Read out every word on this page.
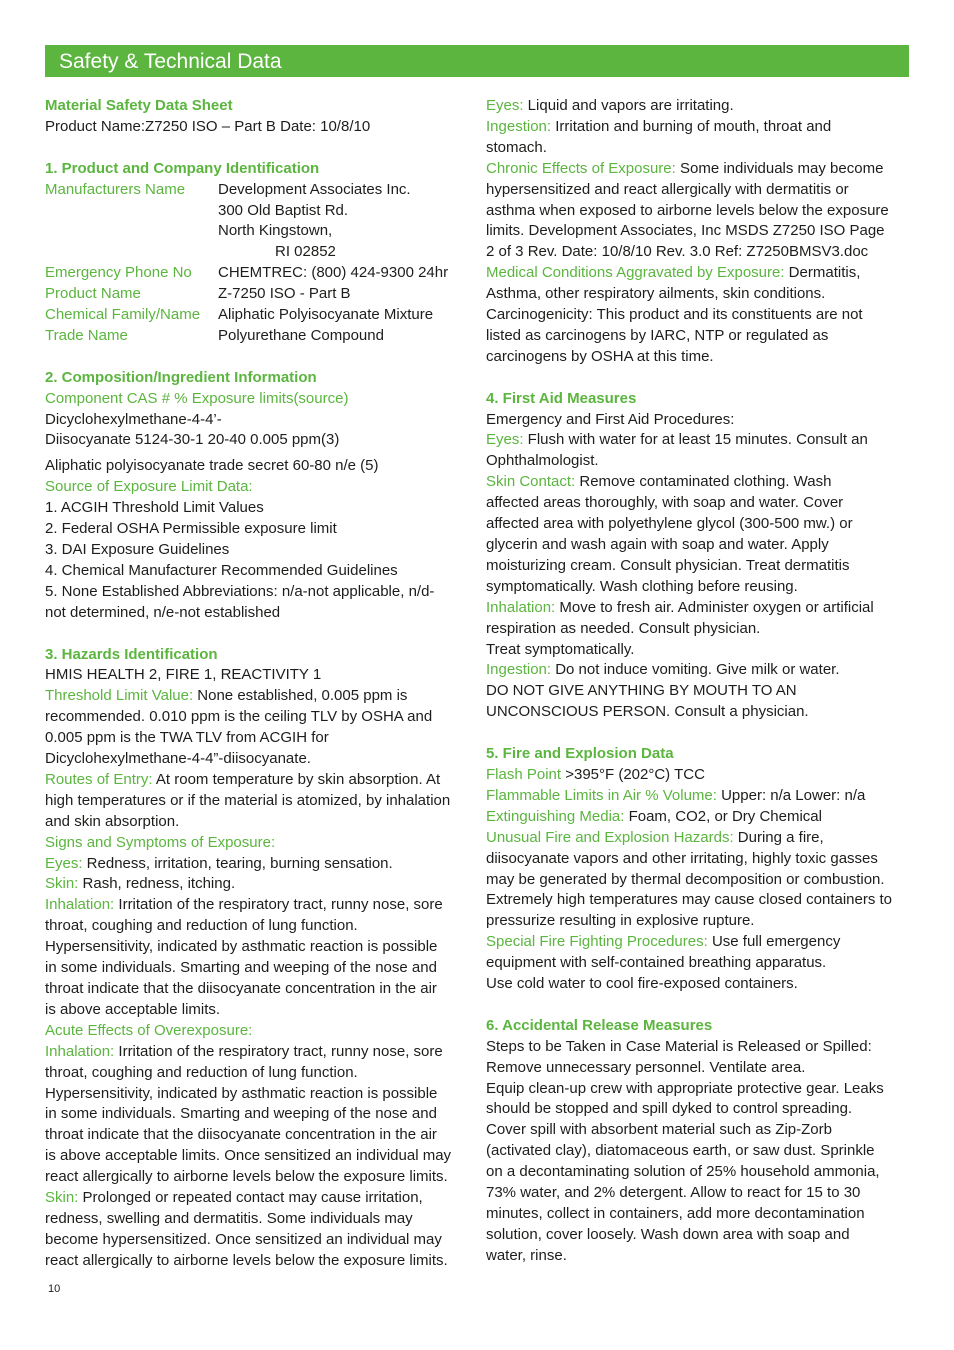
Safety & Technical Data

Material Safety Data Sheet

Product Name:Z7250 ISO – Part B Date: 10/8/10

1. Product and Company Identification

Manufacturers Name	Development Associates Inc.

300 Old Baptist Rd.

North Kingstown,

RI 02852

Emergency Phone No	CHEMTREC: (800) 424-9300 24hr
Product Name	Z-7250 ISO - Part B
Chemical Family/Name	Aliphatic Polyisocyanate Mixture
Trade Name	Polyurethane Compound

2. Composition/Ingredient Information

Component CAS # % Exposure limits(source)

Dicyclohexylmethane-4-4’-

Diisocyanate 5124-30-1 20-40 0.005 ppm(3)

Aliphatic polyisocyanate trade secret 60-80 n/e (5)

Source of Exposure Limit Data:

1. ACGIH Threshold Limit Values

2. Federal OSHA Permissible exposure limit

3. DAI Exposure Guidelines

4. Chemical Manufacturer Recommended Guidelines

5. None Established Abbreviations: n/a-not applicable, n/d-

not determined, n/e-not established

3. Hazards Identification

HMIS HEALTH 2, FIRE 1, REACTIVITY 1

Threshold Limit Value: None established, 0.005 ppm is

recommended. 0.010 ppm is the ceiling TLV by OSHA and

0.005 ppm is the TWA TLV from ACGIH for

Dicyclohexylmethane-4-4”-diisocyanate.

Routes of Entry: At room temperature by skin absorption. At

high temperatures or if the material is atomized, by inhalation

and skin absorption.

Signs and Symptoms of Exposure:

Eyes: Redness, irritation, tearing, burning sensation.

Skin: Rash, redness, itching.

Inhalation: Irritation of the respiratory tract, runny nose, sore

throat, coughing and reduction of lung function.

Hypersensitivity, indicated by asthmatic reaction is possible

in some individuals. Smarting and weeping of the nose and

throat indicate that the diisocyanate concentration in the air

is above acceptable limits.

Acute Effects of Overexposure:

Inhalation: Irritation of the respiratory tract, runny nose, sore

throat, coughing and reduction of lung function.

Hypersensitivity, indicated by asthmatic reaction is possible

in some individuals. Smarting and weeping of the nose and

throat indicate that the diisocyanate concentration in the air

is above acceptable limits. Once sensitized an individual may

react allergically to airborne levels below the exposure limits.

Skin: Prolonged or repeated contact may cause irritation,

redness, swelling and dermatitis. Some individuals may

become hypersensitized. Once sensitized an individual may

react allergically to airborne levels below the exposure limits.

Eyes: Liquid and vapors are irritating.

Ingestion: Irritation and burning of mouth, throat and

stomach.

Chronic Effects of Exposure: Some individuals may become

hypersensitized and react allergically with dermatitis or

asthma when exposed to airborne levels below the exposure

limits. Development Associates, Inc MSDS Z7250 ISO Page

2 of 3 Rev. Date: 10/8/10 Rev. 3.0 Ref: Z7250BMSV3.doc

Medical Conditions Aggravated by Exposure: Dermatitis,

Asthma, other respiratory ailments, skin conditions.

Carcinogenicity: This product and its constituents are not

listed as carcinogens by IARC, NTP or regulated as

carcinogens by OSHA at this time.

4. First Aid Measures

Emergency and First Aid Procedures:

Eyes: Flush with water for at least 15 minutes. Consult an

Ophthalmologist.

Skin Contact: Remove contaminated clothing. Wash

affected areas thoroughly, with soap and water. Cover

affected area with polyethylene glycol (300-500 mw.) or

glycerin and wash again with soap and water. Apply

moisturizing cream. Consult physician. Treat dermatitis

symptomatically. Wash clothing before reusing.

Inhalation: Move to fresh air. Administer oxygen or artificial

respiration as needed. Consult physician.

Treat symptomatically.

Ingestion: Do not induce vomiting. Give milk or water.

DO NOT GIVE ANYTHING BY MOUTH TO AN

UNCONSCIOUS PERSON. Consult a physician.

5. Fire and Explosion Data

Flash Point >395°F (202°C) TCC

Flammable Limits in Air % Volume: Upper: n/a Lower: n/a

Extinguishing Media: Foam, CO2, or Dry Chemical

Unusual Fire and Explosion Hazards: During a fire,

diisocyanate vapors and other irritating, highly toxic gasses

may be generated by thermal decomposition or combustion.

Extremely high temperatures may cause closed containers to

pressurize resulting in explosive rupture.

Special Fire Fighting Procedures: Use full emergency

equipment with self-contained breathing apparatus.

Use cold water to cool fire-exposed containers.

6. Accidental Release Measures

Steps to be Taken in Case Material is Released or Spilled:

Remove unnecessary personnel. Ventilate area.

Equip clean-up crew with appropriate protective gear. Leaks

should be stopped and spill dyked to control spreading.

Cover spill with absorbent material such as Zip-Zorb

(activated clay), diatomaceous earth, or saw dust. Sprinkle

on a decontaminating solution of 25% household ammonia,

73% water, and 2% detergent. Allow to react for 15 to 30

minutes, collect in containers, add more decontamination

solution, cover loosely. Wash down area with soap and

water, rinse.

10
